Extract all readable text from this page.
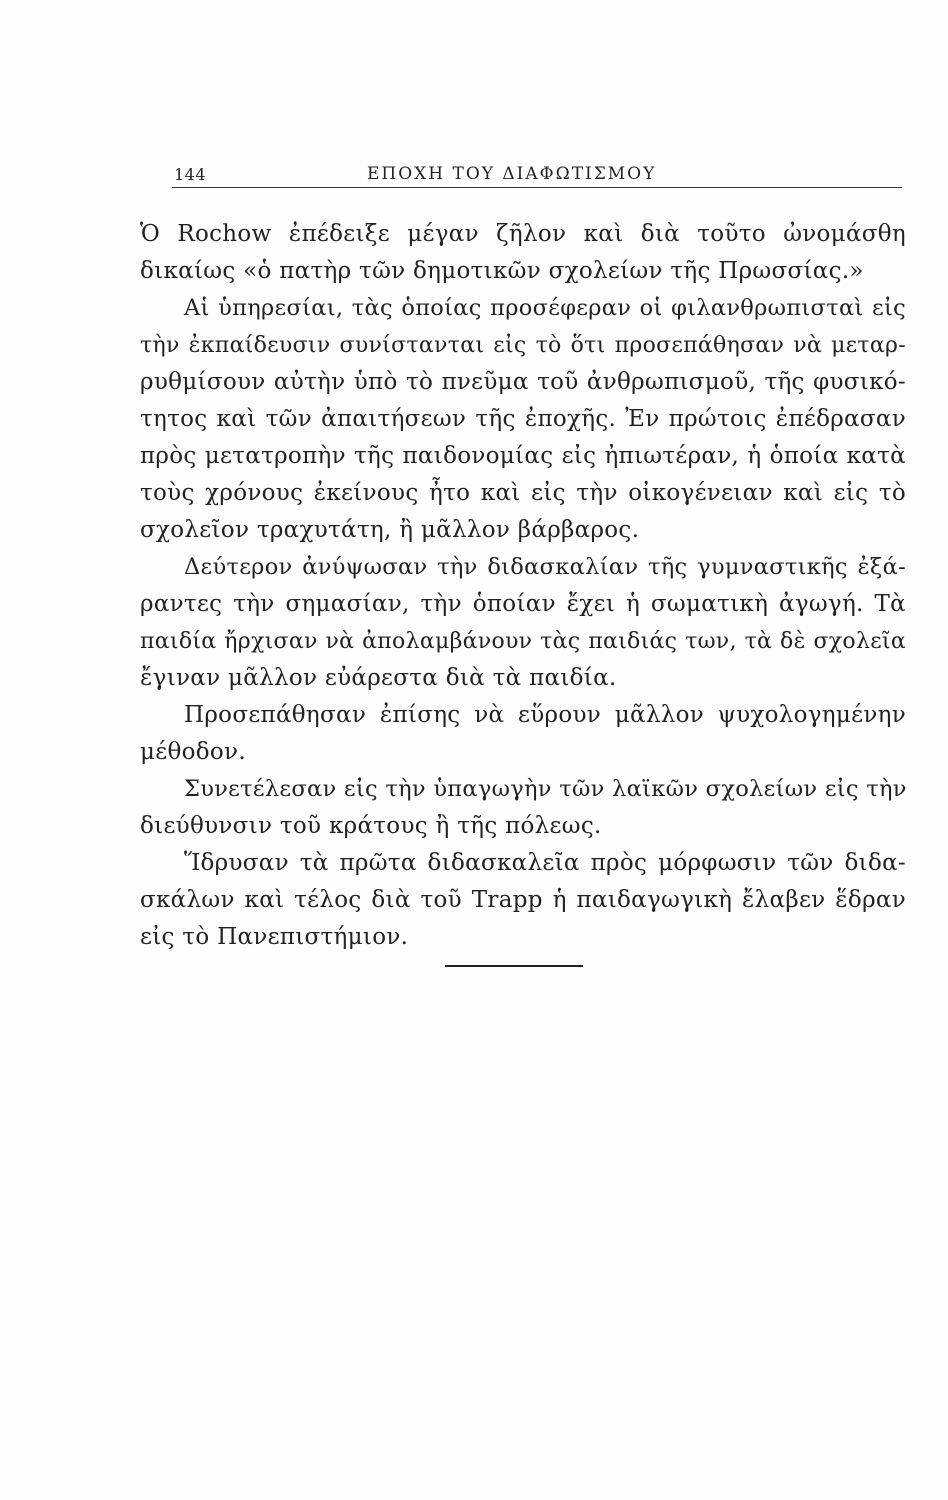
144	ΕΠΟΧΗ ΤΟΥ ΔΙΑΦΩΤΙΣΜΟΥ
Ὁ Rochow ἐπέδειξε μέγαν ζῆλον καὶ διὰ τοῦτο ὠνομάσθη
δικαίως «ὁ πατὴρ τῶν δημοτικῶν σχολείων τῆς Πρωσσίας.»
Αἱ ὑπηρεσίαι, τὰς ὁποίας προσέφεραν οἱ φιλανθρωπισταὶ εἰς
τὴν ἐκπαίδευσιν συνίστανται εἰς τὸ ὅτι προσεπάθησαν νὰ μεταρ-
ρυθμίσουν αὐτὴν ὑπὸ τὸ πνεῦμα τοῦ ἀνθρωπισμοῦ, τῆς φυσικό-
τητος καὶ τῶν ἀπαιτήσεων τῆς ἐποχῆς. Ἐν πρώτοις ἐπέδρασαν
πρὸς μετατροπὴν τῆς παιδονομίας εἰς ἠπιωτέραν, ἡ ὁποία κατὰ
τοὺς χρόνους ἐκείνους ἦτο καὶ εἰς τὴν οἰκογένειαν καὶ εἰς τὸ
σχολεῖον τραχυτάτη, ἢ μᾶλλον βάρβαρος.
Δεύτερον ἀνύψωσαν τὴν διδασκαλίαν τῆς γυμναστικῆς ἐξά-
ραντες τὴν σημασίαν, τὴν ὁποίαν ἔχει ἡ σωματικὴ ἀγωγή. Τὰ
παιδία ἤρχισαν νὰ ἀπολαμβάνουν τὰς παιδιάς των, τὰ δὲ σχολεῖα
ἔγιναν μᾶλλον εὐάρεστα διὰ τὰ παιδία.
Προσεπάθησαν ἐπίσης νὰ εὕρουν μᾶλλον ψυχολογημένην
μέθοδον.
Συνετέλεσαν εἰς τὴν ὑπαγωγὴν τῶν λαϊκῶν σχολείων εἰς τὴν
διεύθυνσιν τοῦ κράτους ἢ τῆς πόλεως.
Ἵδρυσαν τὰ πρῶτα διδασκαλεῖα πρὸς μόρφωσιν τῶν διδα-
σκάλων καὶ τέλος διὰ τοῦ Trapp ἡ παιδαγωγικὴ ἔλαβεν ἕδραν
εἰς τὸ Πανεπιστήμιον.
